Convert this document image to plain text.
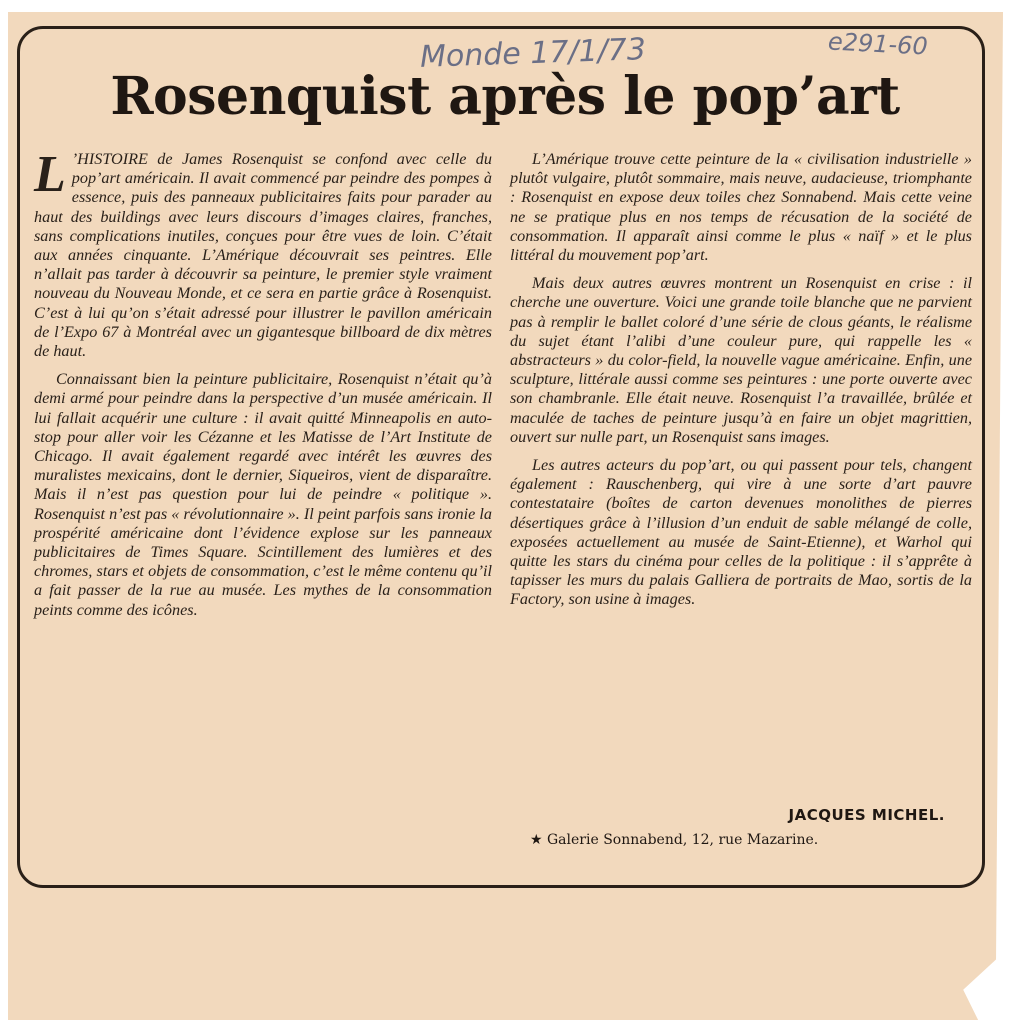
Monde 17/1/73	e291-60
Rosenquist après le pop’art

L ’HISTOIRE de James Rosenquist se confond avec celle du pop’art américain. Il avait commencé par peindre des pompes à essence, puis des panneaux publicitaires faits pour parader au haut des buildings avec leurs discours d’images claires, franches, sans complications inutiles, conçues pour être vues de loin. C’était aux années cinquante. L’Amérique découvrait ses peintres. Elle n’allait pas tarder à découvrir sa peinture, le premier style vraiment nouveau du Nouveau Monde, et ce sera en partie grâce à Rosenquist. C’est à lui qu’on s’était adressé pour illustrer le pavillon américain de l’Expo 67 à Montréal avec un gigantesque billboard de dix mètres de haut.

Connaissant bien la peinture publicitaire, Rosenquist n’était qu’à demi armé pour peindre dans la perspective d’un musée américain. Il lui fallait acquérir une culture : il avait quitté Minneapolis en auto-stop pour aller voir les Cézanne et les Matisse de l’Art Institute de Chicago. Il avait également regardé avec intérêt les œuvres des muralistes mexicains, dont le dernier, Siqueiros, vient de disparaître. Mais il n’est pas question pour lui de peindre « politique ». Rosenquist n’est pas « révolutionnaire ». Il peint parfois sans ironie la prospérité américaine dont l’évidence explose sur les panneaux publicitaires de Times Square. Scintillement des lumières et des chromes, stars et objets de consommation, c’est le même contenu qu’il a fait passer de la rue au musée. Les mythes de la consommation peints comme des icônes.

L’Amérique trouve cette peinture de la « civilisation industrielle » plutôt vulgaire, plutôt sommaire, mais neuve, audacieuse, triomphante : Rosenquist en expose deux toiles chez Sonnabend. Mais cette veine ne se pratique plus en nos temps de récusation de la société de consommation. Il apparaît ainsi comme le plus « naïf » et le plus littéral du mouvement pop’art.

Mais deux autres œuvres montrent un Rosenquist en crise : il cherche une ouverture. Voici une grande toile blanche que ne parvient pas à remplir le ballet coloré d’une série de clous géants, le réalisme du sujet étant l’alibi d’une couleur pure, qui rappelle les « abstracteurs » du color-field, la nouvelle vague américaine. Enfin, une sculpture, littérale aussi comme ses peintures : une porte ouverte avec son chambranle. Elle était neuve. Rosenquist l’a travaillée, brûlée et maculée de taches de peinture jusqu’à en faire un objet magrittien, ouvert sur nulle part, un Rosenquist sans images.

Les autres acteurs du pop’art, ou qui passent pour tels, changent également : Rauschenberg, qui vire à une sorte d’art pauvre contestataire (boîtes de carton devenues monolithes de pierres désertiques grâce à l’illusion d’un enduit de sable mélangé de colle, exposées actuellement au musée de Saint-Etienne), et Warhol qui quitte les stars du cinéma pour celles de la politique : il s’apprête à tapisser les murs du palais Galliera de portraits de Mao, sortis de la Factory, son usine à images.

JACQUES MICHEL.
★ Galerie Sonnabend, 12, rue Mazarine.
